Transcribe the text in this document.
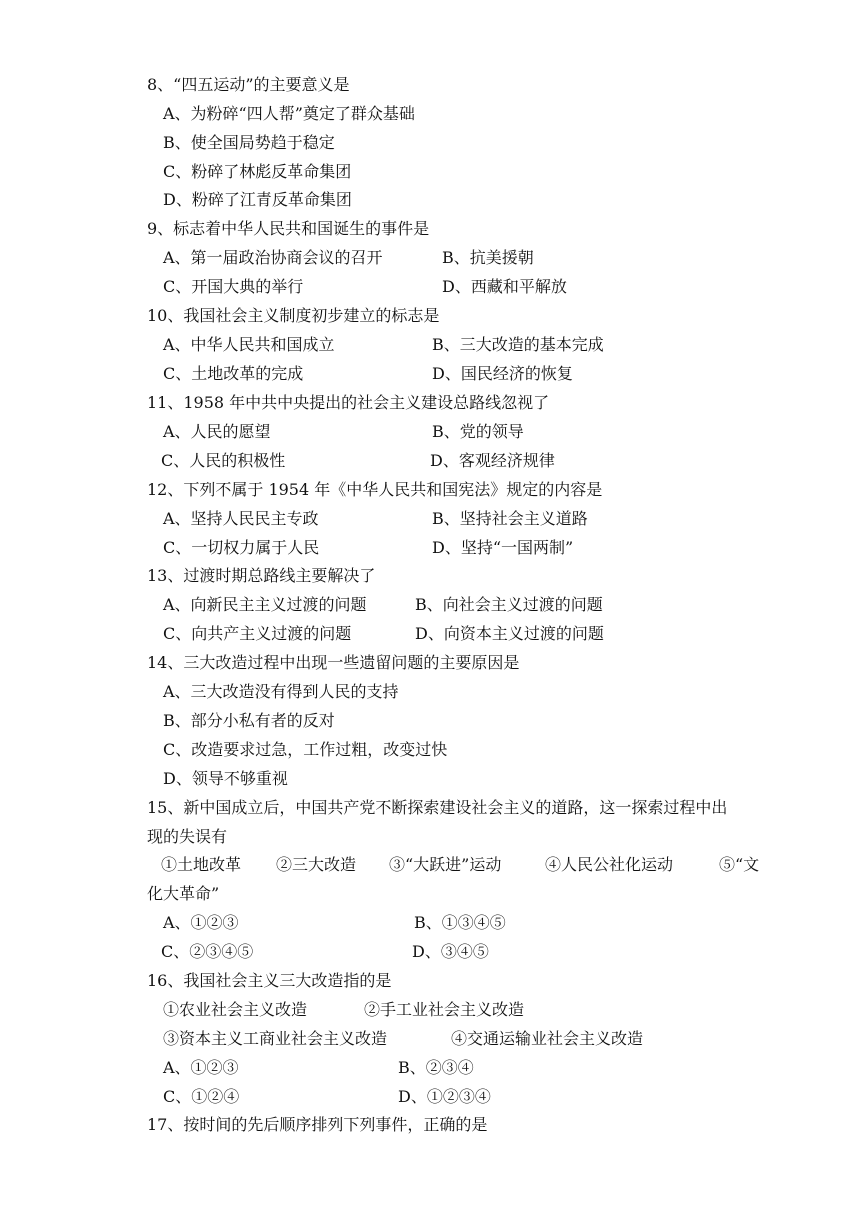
8、“四五运动”的主要意义是
A、为粉碎“四人帮”奠定了群众基础
B、使全国局势趋于稳定
C、粉碎了林彪反革命集团
D、粉碎了江青反革命集团
9、标志着中华人民共和国诞生的事件是
A、第一届政治协商会议的召开	B、抗美援朝
C、开国大典的举行	D、西藏和平解放
10、我国社会主义制度初步建立的标志是
A、中华人民共和国成立	B、三大改造的基本完成
C、土地改革的完成	D、国民经济的恢复
11、1958 年中共中央提出的社会主义建设总路线忽视了
A、人民的愿望	B、党的领导
C、人民的积极性	D、客观经济规律
12、下列不属于 1954 年《中华人民共和国宪法》规定的内容是
A、坚持人民民主专政	B、坚持社会主义道路
C、一切权力属于人民	D、坚持“一国两制”
13、过渡时期总路线主要解决了
A、向新民主主义过渡的问题	B、向社会主义过渡的问题
C、向共产主义过渡的问题	D、向资本主义过渡的问题
14、三大改造过程中出现一些遗留问题的主要原因是
A、三大改造没有得到人民的支持
B、部分小私有者的反对
C、改造要求过急，工作过粗，改变过快
D、领导不够重视
15、新中国成立后，中国共产党不断探索建设社会主义的道路，这一探索过程中出
现的失误有
①土地改革 ②三大改造 ③“大跃进”运动	④人民公社化运动	⑤“文
化大革命”
A、①②③	B、①③④⑤
C、②③④⑤	D、③④⑤
16、我国社会主义三大改造指的是
①农业社会主义改造	②手工业社会主义改造
③资本主义工商业社会主义改造	④交通运输业社会主义改造
A、①②③	B、②③④
C、①②④	D、①②③④
17、按时间的先后顺序排列下列事件，正确的是
